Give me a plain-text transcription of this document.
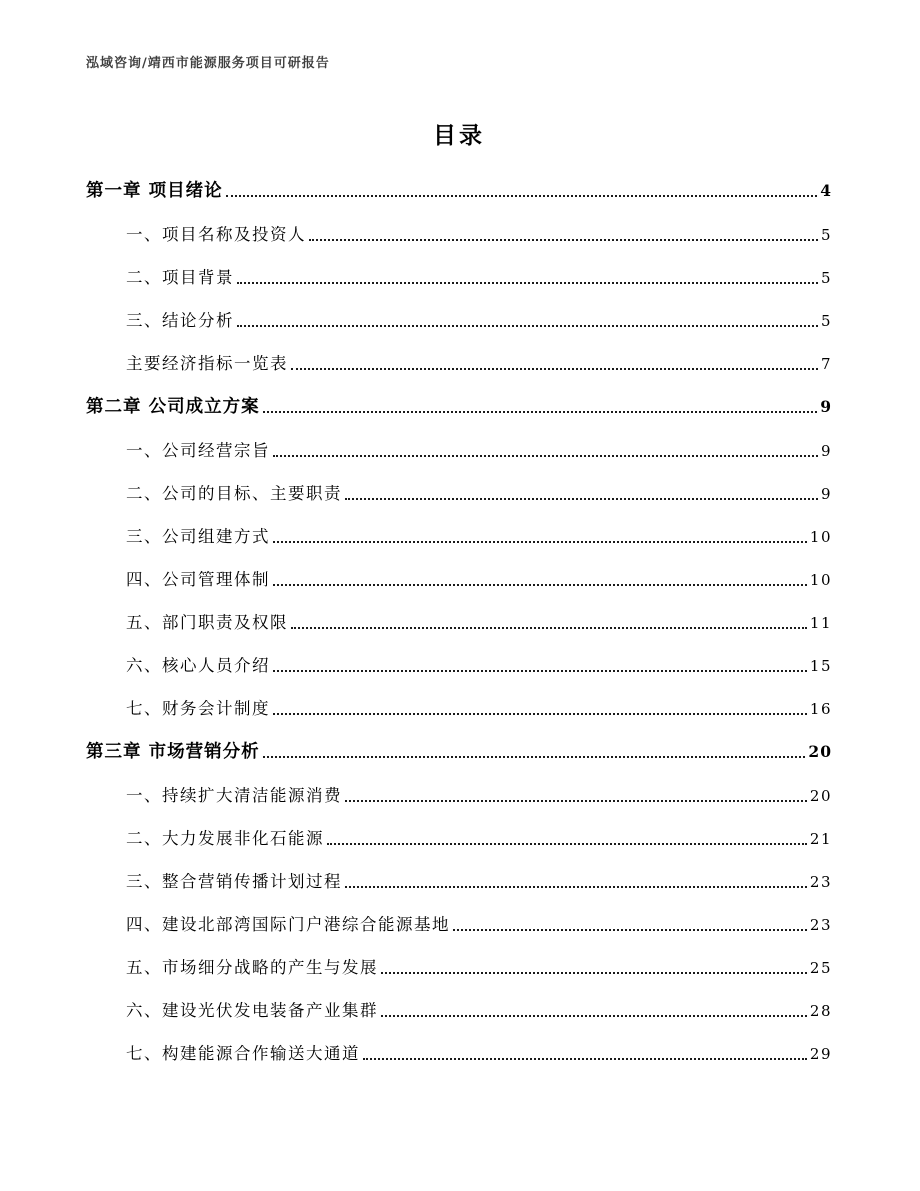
泓域咨询/靖西市能源服务项目可研报告
目录
第一章 项目绪论	4
一、项目名称及投资人	5
二、项目背景	5
三、结论分析	5
主要经济指标一览表	7
第二章 公司成立方案	9
一、公司经营宗旨	9
二、公司的目标、主要职责	9
三、公司组建方式	10
四、公司管理体制	10
五、部门职责及权限	11
六、核心人员介绍	15
七、财务会计制度	16
第三章 市场营销分析	20
一、持续扩大清洁能源消费	20
二、大力发展非化石能源	21
三、整合营销传播计划过程	23
四、建设北部湾国际门户港综合能源基地	23
五、市场细分战略的产生与发展	25
六、建设光伏发电装备产业集群	28
七、构建能源合作输送大通道	29
